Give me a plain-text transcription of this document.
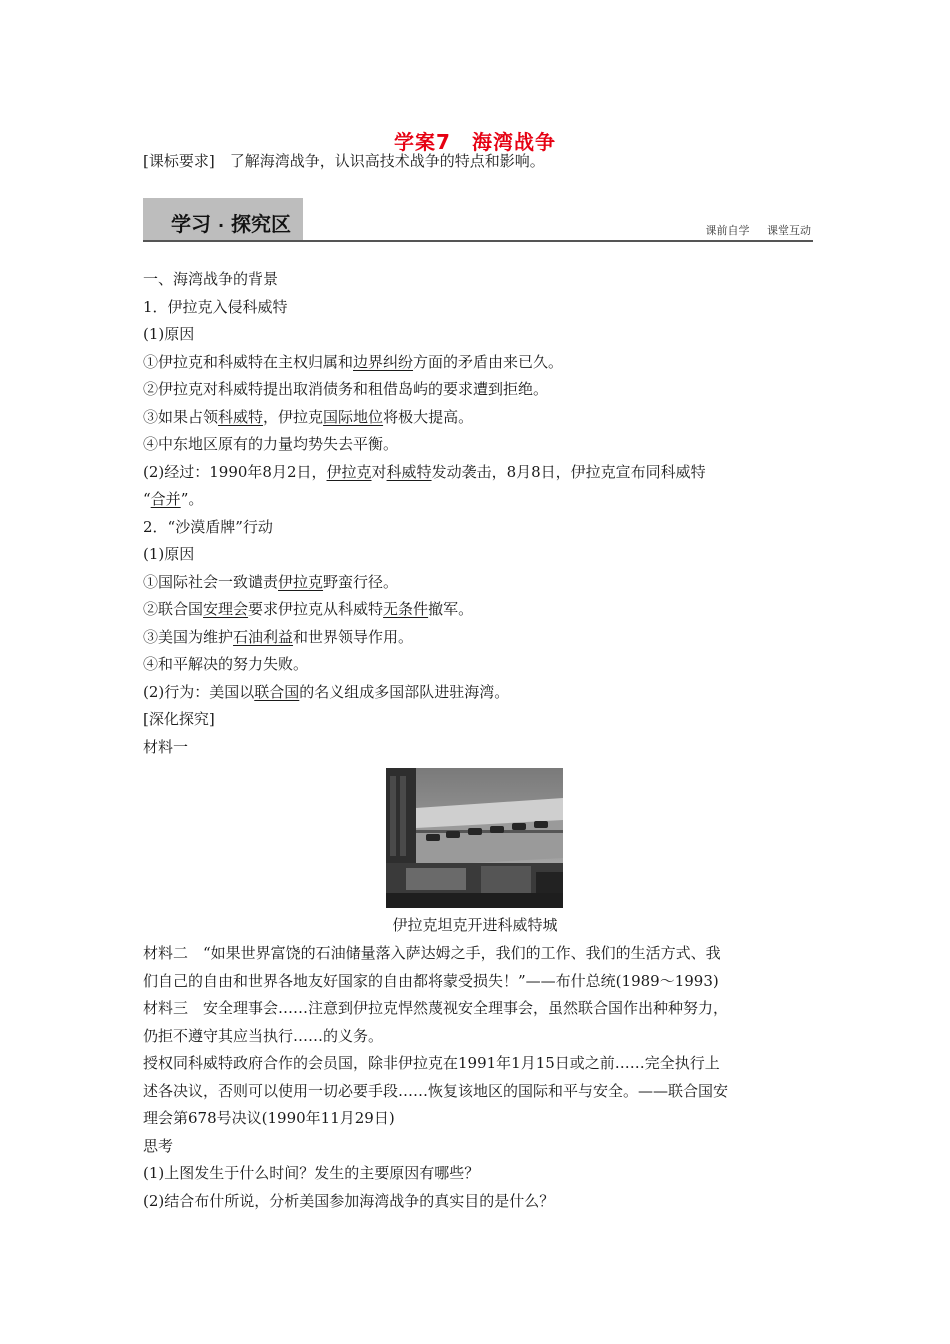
学案7　海湾战争
[课标要求]　了解海湾战争，认识高技术战争的特点和影响。
学习 · 探究区	课前自学 课堂互动
一、海湾战争的背景
1．伊拉克入侵科威特
(1)原因
①伊拉克和科威特在主权归属和边界纠纷方面的矛盾由来已久。
②伊拉克对科威特提出取消债务和租借岛屿的要求遭到拒绝。
③如果占领科威特，伊拉克国际地位将极大提高。
④中东地区原有的力量均势失去平衡。
(2)经过：1990年8月2日，伊拉克对科威特发动袭击，8月8日，伊拉克宣布同科威特
“合并”。
2．“沙漠盾牌”行动
(1)原因
①国际社会一致谴责伊拉克野蛮行径。
②联合国安理会要求伊拉克从科威特无条件撤军。
③美国为维护石油利益和世界领导作用。
④和平解决的努力失败。
(2)行为：美国以联合国的名义组成多国部队进驻海湾。
[深化探究]
材料一
伊拉克坦克开进科威特城
材料二　“如果世界富饶的石油储量落入萨达姆之手，我们的工作、我们的生活方式、我
们自己的自由和世界各地友好国家的自由都将蒙受损失！”——布什总统(1989～1993)
材料三　安全理事会……注意到伊拉克悍然蔑视安全理事会，虽然联合国作出种种努力，
仍拒不遵守其应当执行……的义务。
授权同科威特政府合作的会员国，除非伊拉克在1991年1月15日或之前……完全执行上
述各决议，否则可以使用一切必要手段……恢复该地区的国际和平与安全。——联合国安
理会第678号决议(1990年11月29日)
思考
(1)上图发生于什么时间？发生的主要原因有哪些？
(2)结合布什所说，分析美国参加海湾战争的真实目的是什么？
